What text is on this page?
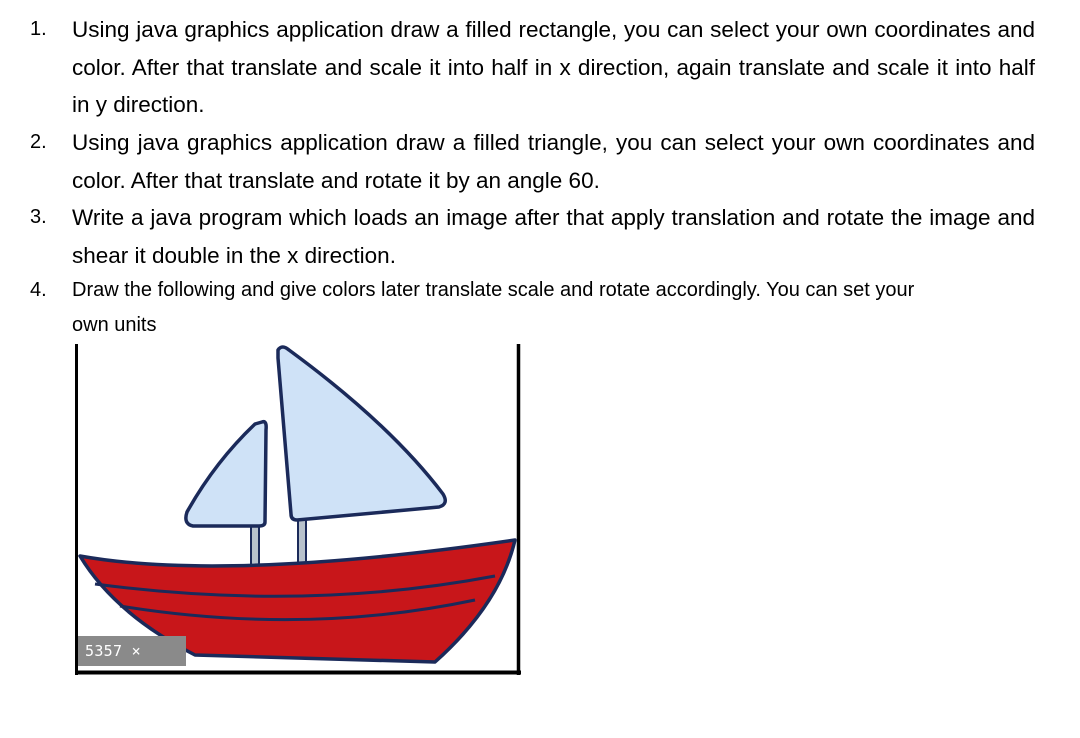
1. Using java graphics application draw a filled rectangle, you can select your own coordinates and color. After that translate and scale it into half in x direction, again translate and scale it into half in y direction.
2. Using java graphics application draw a filled triangle, you can select your own coordinates and color. After that translate and rotate it by an angle 60.
3. Write a java program which loads an image after that apply translation and rotate the image and shear it double in the x direction.
4. Draw the following and give colors later translate scale and rotate accordingly. You can set your
own units
5357 × 3945
